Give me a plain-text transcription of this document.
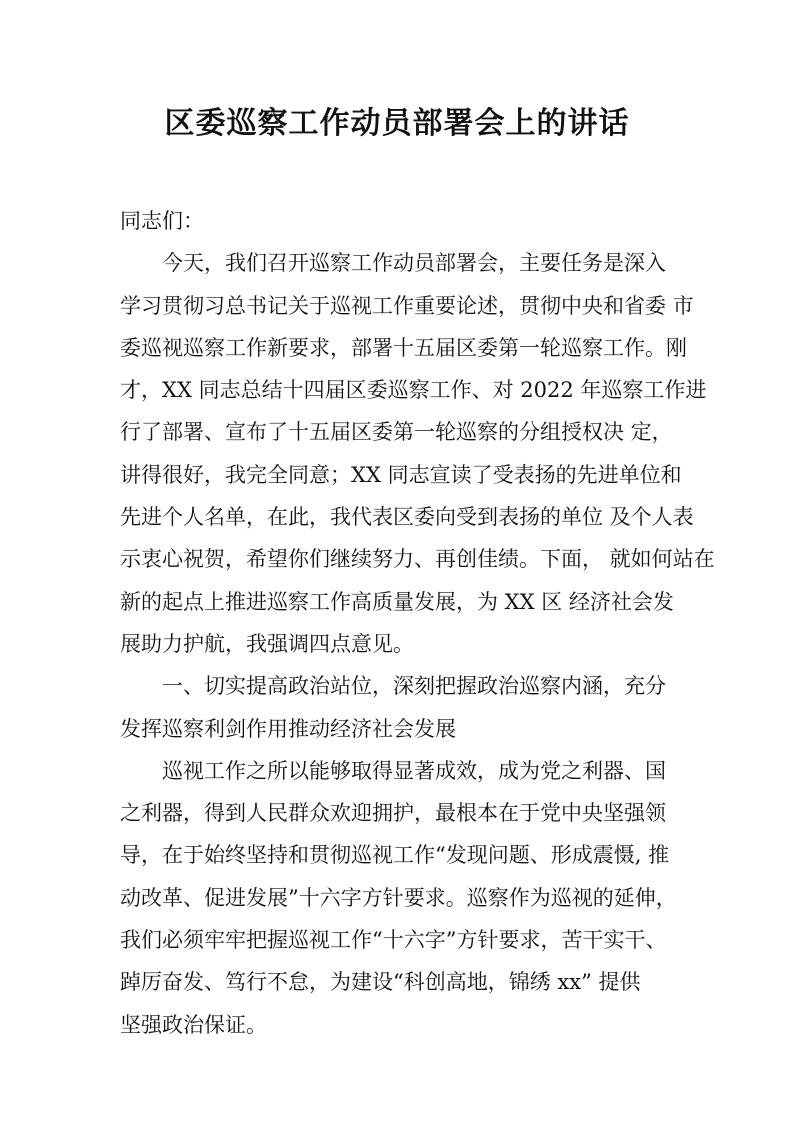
区委巡察工作动员部署会上的讲话
同志们：
今天，我们召开巡察工作动员部署会，主要任务是深入
学习贯彻习总书记关于巡视工作重要论述，贯彻中央和省委 市
委巡视巡察工作新要求，部署十五届区委第一轮巡察工作。刚
才，XX 同志总结十四届区委巡察工作、对 2022 年巡察工作进
行了部署、宣布了十五届区委第一轮巡察的分组授权决 定，
讲得很好，我完全同意；XX 同志宣读了受表扬的先进单位和
先进个人名单，在此，我代表区委向受到表扬的单位 及个人表
示衷心祝贺，希望你们继续努力、再创佳绩。下面， 就如何站在
新的起点上推进巡察工作高质量发展，为 XX 区 经济社会发
展助力护航，我强调四点意见。
一、切实提高政治站位，深刻把握政治巡察内涵，充分
发挥巡察利剑作用推动经济社会发展
巡视工作之所以能够取得显著成效，成为党之利器、国
之利器，得到人民群众欢迎拥护，最根本在于党中央坚强领
导，在于始终坚持和贯彻巡视工作“发现问题、形成震慑, 推
动改革、促进发展”十六字方针要求。巡察作为巡视的延伸，
我们必须牢牢把握巡视工作“十六字”方针要求，苦干实干、
踔厉奋发、笃行不怠，为建设“科创高地，锦绣 xx” 提供
坚强政治保证。
